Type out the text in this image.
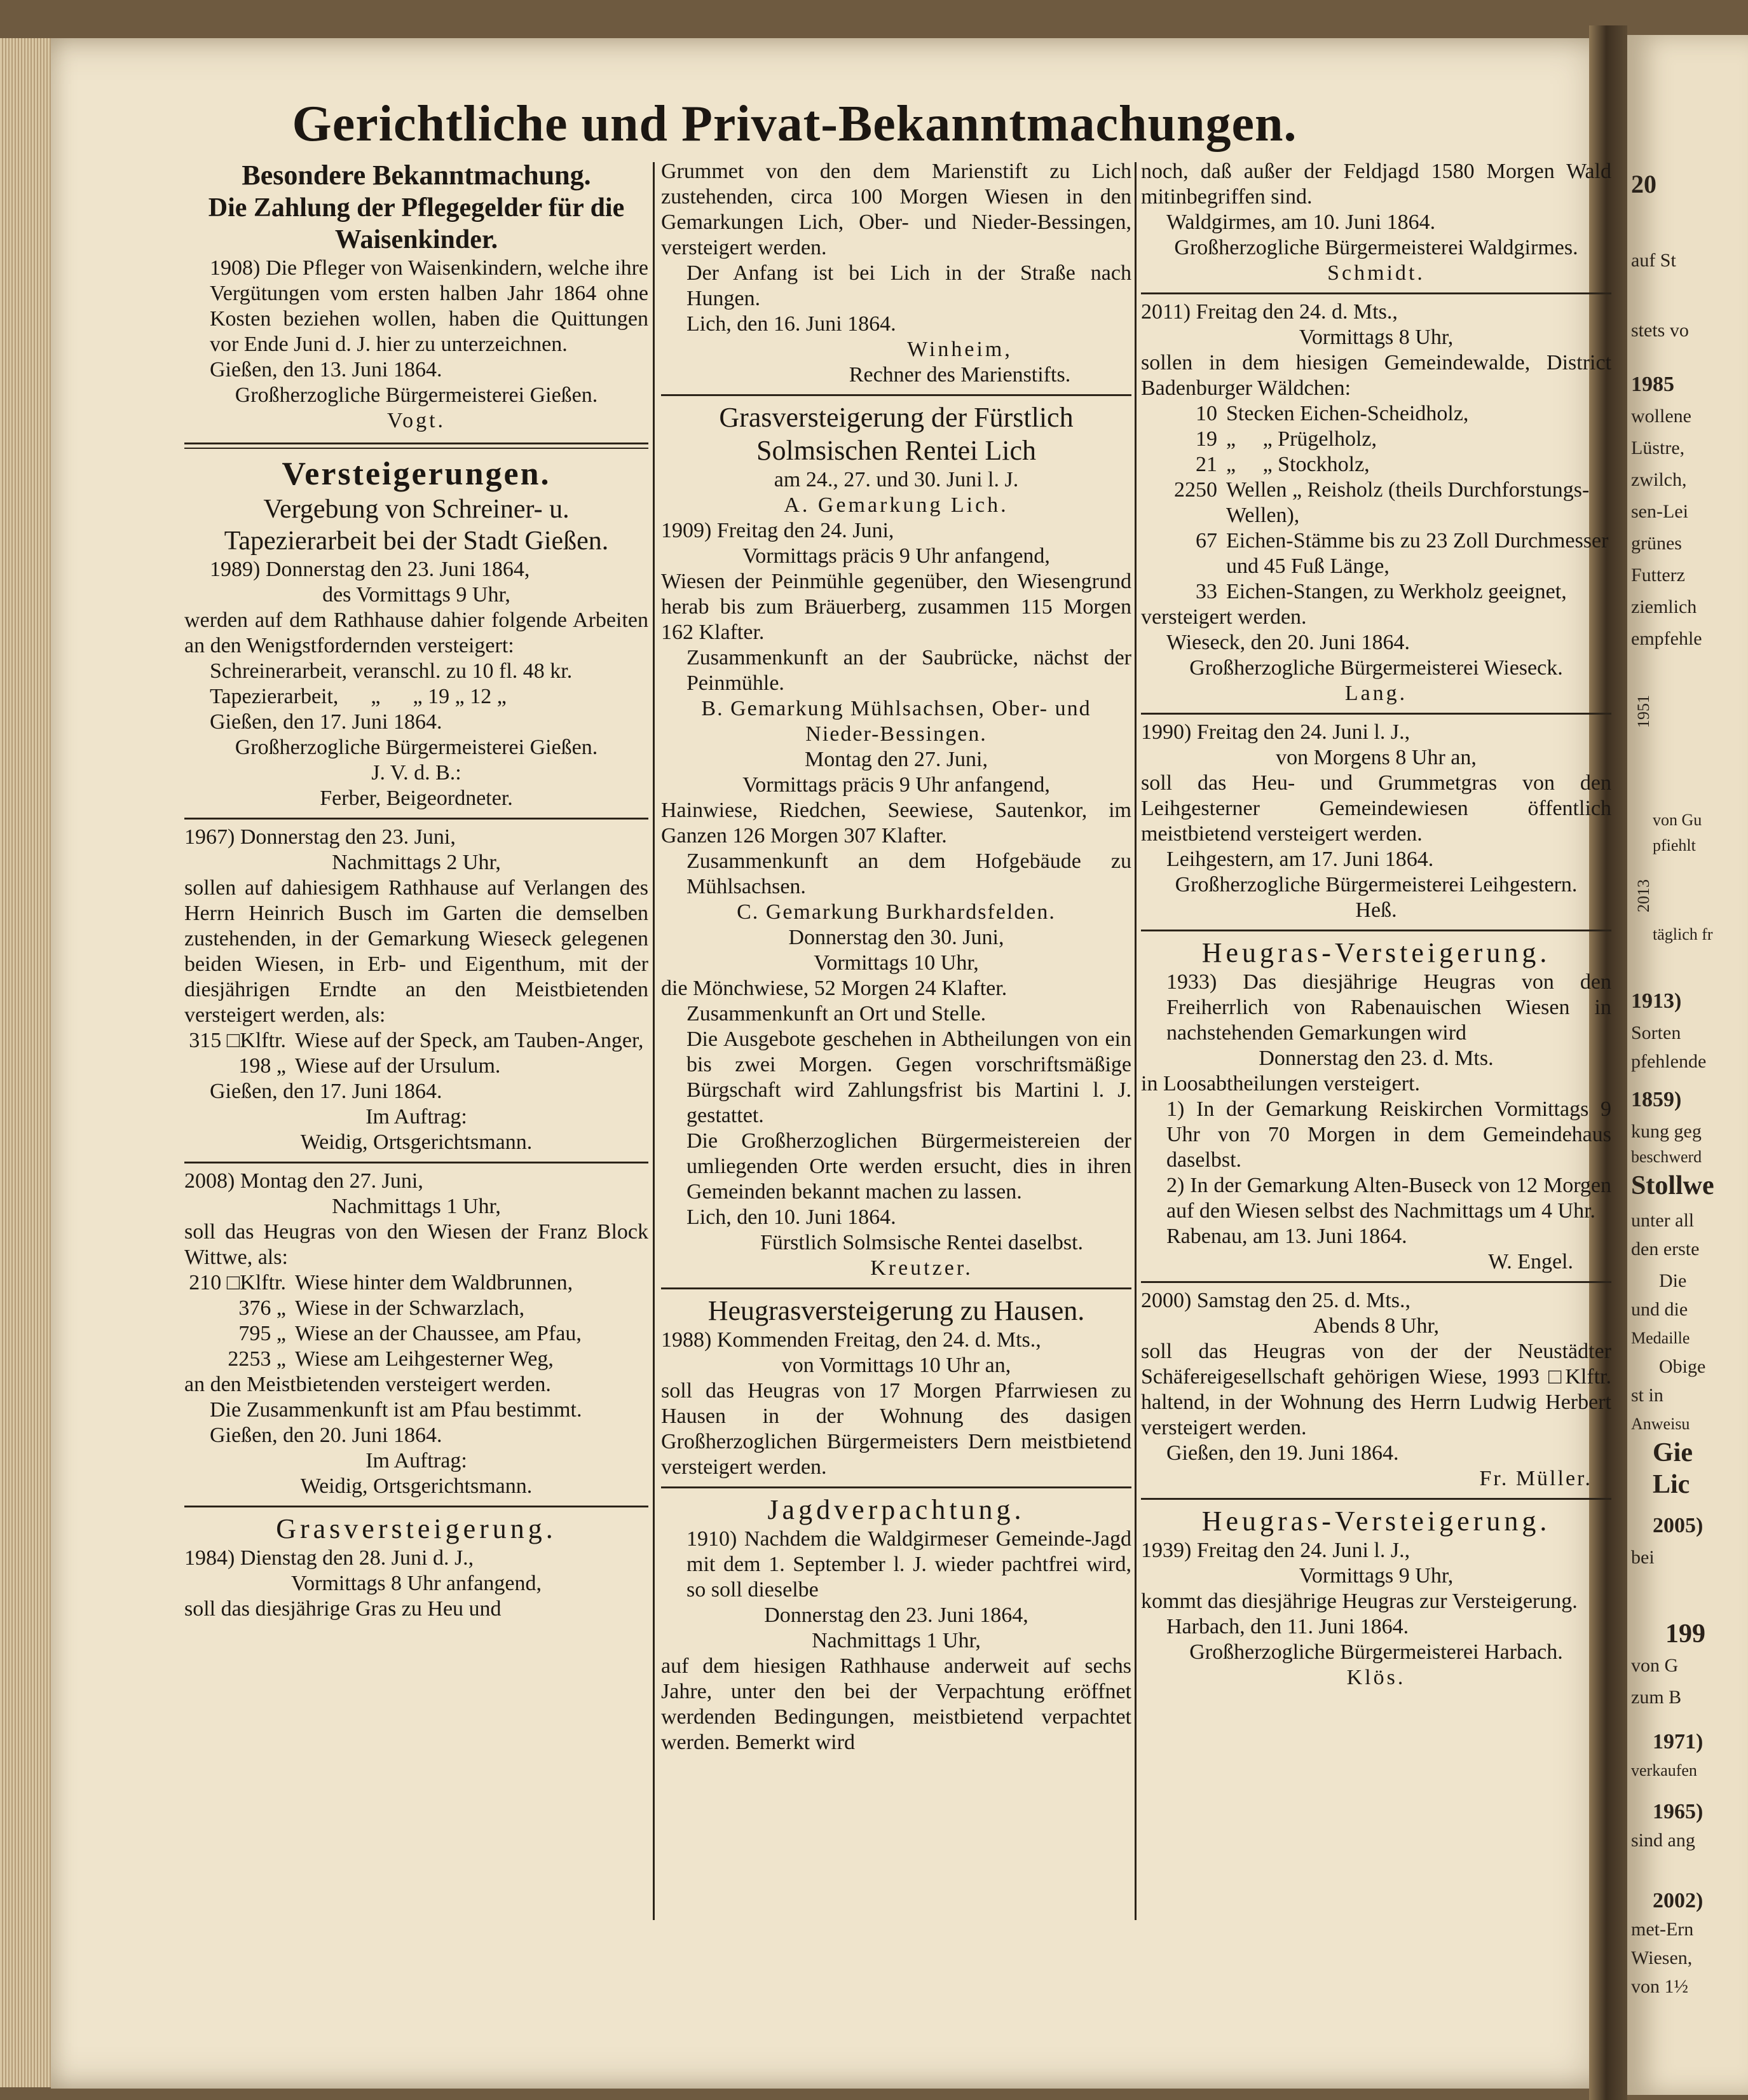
20
auf St
stets vo
1985
wollene
Lüstre,
zwilch,
sen-Lei
grünes
Futterz
ziemlich
empfehle
1951
von Gu
pfiehlt
2013
täglich fr
1913)
Sorten
pfehlende
1859)
kung geg
beschwerd
Stollwe
unter all
den erste
Die
und die
Medaille
Obige
st in
Anweisu
Gie
Lic
2005)
bei
199
von G
zum B
1971)
verkaufen
1965)
sind ang
2002)
met-Ern
Wiesen,
von 1½
Gerichtliche und Privat-Bekanntmachungen.
Besondere Bekanntmachung.
Die Zahlung der Pflegegelder für die Waisenkinder.
1908) Die Pfleger von Waisenkindern, welche ihre Vergütungen vom ersten halben Jahr 1864 ohne Kosten beziehen wollen, haben die Quittungen vor Ende Juni d. J. hier zu unterzeichnen.
Gießen, den 13. Juni 1864.
Großherzogliche Bürgermeisterei Gießen.
Vogt.
Versteigerungen.
Vergebung von Schreiner- u. Tapezierarbeit bei der Stadt Gießen.
1989) Donnerstag den 23. Juni 1864,
des Vormittags 9 Uhr,
werden auf dem Rathhause dahier folgende Arbeiten an den Wenigstfordernden versteigert:
Schreinerarbeit, veranschl. zu 10 fl. 48 kr.
Tapezierarbeit,      „      „ 19 „ 12 „
Gießen, den 17. Juni 1864.
Großherzogliche Bürgermeisterei Gießen.
J. V. d. B.:
Ferber, Beigeordneter.
1967) Donnerstag den 23. Juni,
Nachmittags 2 Uhr,
sollen auf dahiesigem Rathhause auf Verlangen des Herrn Heinrich Busch im Garten die demselben zustehenden, in der Gemarkung Wieseck gelegenen beiden Wiesen, in Erb- und Eigenthum, mit der diesjährigen Erndte an den Meistbietenden versteigert werden, als:
315 □Klftr. Wiese auf der Speck, am Tauben-Anger,
198 „ Wiese auf der Ursulum.
Gießen, den 17. Juni 1864.
Im Auftrag:
Weidig, Ortsgerichtsmann.
2008) Montag den 27. Juni,
Nachmittags 1 Uhr,
soll das Heugras von den Wiesen der Franz Block Wittwe, als:
210 □Klftr. Wiese hinter dem Waldbrunnen,
376 „ Wiese in der Schwarzlach,
795 „ Wiese an der Chaussee, am Pfau,
2253 „ Wiese am Leihgesterner Weg,
an den Meistbietenden versteigert werden.
Die Zusammenkunft ist am Pfau bestimmt.
Gießen, den 20. Juni 1864.
Im Auftrag:
Weidig, Ortsgerichtsmann.
Grasversteigerung.
1984) Dienstag den 28. Juni d. J.,
Vormittags 8 Uhr anfangend,
soll das diesjährige Gras zu Heu und
Grummet von den dem Marienstift zu Lich zustehenden, circa 100 Morgen Wiesen in den Gemarkungen Lich, Ober- und Nieder-Bessingen, versteigert werden.
Der Anfang ist bei Lich in der Straße nach Hungen.
Lich, den 16. Juni 1864.
Winheim,
Rechner des Marienstifts.
Grasversteigerung der Fürstlich Solmsischen Rentei Lich
am 24., 27. und 30. Juni l. J.
A. Gemarkung Lich.
1909) Freitag den 24. Juni,
Vormittags präcis 9 Uhr anfangend,
Wiesen der Peinmühle gegenüber, den Wiesengrund herab bis zum Bräuerberg, zusammen 115 Morgen 162 Klafter.
Zusammenkunft an der Saubrücke, nächst der Peinmühle.
B. Gemarkung Mühlsachsen, Ober- und Nieder-Bessingen.
Montag den 27. Juni,
Vormittags präcis 9 Uhr anfangend,
Hainwiese, Riedchen, Seewiese, Sautenkor, im Ganzen 126 Morgen 307 Klafter.
Zusammenkunft an dem Hofgebäude zu Mühlsachsen.
C. Gemarkung Burkhardsfelden.
Donnerstag den 30. Juni,
Vormittags 10 Uhr,
die Mönchwiese, 52 Morgen 24 Klafter.
Zusammenkunft an Ort und Stelle.
Die Ausgebote geschehen in Abtheilungen von ein bis zwei Morgen. Gegen vorschriftsmäßige Bürgschaft wird Zahlungsfrist bis Martini l. J. gestattet.
Die Großherzoglichen Bürgermeistereien der umliegenden Orte werden ersucht, dies in ihren Gemeinden bekannt machen zu lassen.
Lich, den 10. Juni 1864.
Fürstlich Solmsische Rentei daselbst.
Kreutzer.
Heugrasversteigerung zu Hausen.
1988) Kommenden Freitag, den 24. d. Mts.,
von Vormittags 10 Uhr an,
soll das Heugras von 17 Morgen Pfarrwiesen zu Hausen in der Wohnung des dasigen Großherzoglichen Bürgermeisters Dern meistbietend versteigert werden.
Jagdverpachtung.
1910) Nachdem die Waldgirmeser Gemeinde-Jagd mit dem 1. September l. J. wieder pachtfrei wird, so soll dieselbe
Donnerstag den 23. Juni 1864,
Nachmittags 1 Uhr,
auf dem hiesigen Rathhause anderweit auf sechs Jahre, unter den bei der Verpachtung eröffnet werdenden Bedingungen, meistbietend verpachtet werden. Bemerkt wird
noch, daß außer der Feldjagd 1580 Morgen Wald mitinbegriffen sind.
Waldgirmes, am 10. Juni 1864.
Großherzogliche Bürgermeisterei Waldgirmes.
Schmidt.
2011) Freitag den 24. d. Mts.,
Vormittags 8 Uhr,
sollen in dem hiesigen Gemeindewalde, District Badenburger Wäldchen:
10 Stecken Eichen-Scheidholz,
19 „     „ Prügelholz,
21 „     „ Stockholz,
2250 Wellen „ Reisholz (theils Durchforstungs-Wellen),
67 Eichen-Stämme bis zu 23 Zoll Durchmesser und 45 Fuß Länge,
33 Eichen-Stangen, zu Werkholz geeignet,
versteigert werden.
Wieseck, den 20. Juni 1864.
Großherzogliche Bürgermeisterei Wieseck.
Lang.
1990) Freitag den 24. Juni l. J.,
von Morgens 8 Uhr an,
soll das Heu- und Grummetgras von den Leihgesterner Gemeindewiesen öffentlich meistbietend versteigert werden.
Leihgestern, am 17. Juni 1864.
Großherzogliche Bürgermeisterei Leihgestern.
Heß.
Heugras-Versteigerung.
1933) Das diesjährige Heugras von den Freiherrlich von Rabenauischen Wiesen in nachstehenden Gemarkungen wird
Donnerstag den 23. d. Mts.
in Loosabtheilungen versteigert.
1) In der Gemarkung Reiskirchen Vormittags 9 Uhr von 70 Morgen in dem Gemeindehaus daselbst.
2) In der Gemarkung Alten-Buseck von 12 Morgen auf den Wiesen selbst des Nachmittags um 4 Uhr.
Rabenau, am 13. Juni 1864.
W. Engel.
2000) Samstag den 25. d. Mts.,
Abends 8 Uhr,
soll das Heugras von der der Neustädter Schäfereigesellschaft gehörigen Wiese, 1993 □Klftr. haltend, in der Wohnung des Herrn Ludwig Herbert versteigert werden.
Gießen, den 19. Juni 1864.
Fr. Müller.
Heugras-Versteigerung.
1939) Freitag den 24. Juni l. J.,
Vormittags 9 Uhr,
kommt das diesjährige Heugras zur Versteigerung.
Harbach, den 11. Juni 1864.
Großherzogliche Bürgermeisterei Harbach.
Klös.
